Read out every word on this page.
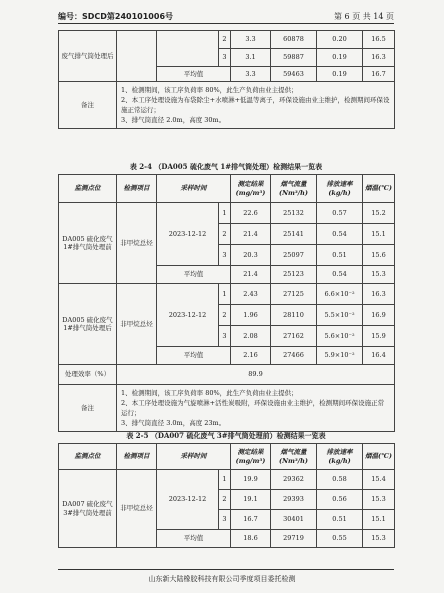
编号：SDCD第240101006号	第 6 页 共 14 页
废气排气筒处理后			2	3.3	60878	0.20	16.5
			3	3.1	59887	0.19	16.3
		平均值		3.3	59463	0.19	16.7
备注	1、检测期间，该工序负荷率 80%，此生产负荷由业主提供；
2、本工序处理设施为布袋除尘+水喷淋+低温等离子，环保设施由业主维护，检测期间环保设施正常运行；
3、排气筒直径 2.0m，高度 30m。						
表 2-4 （DA005 硫化废气 1#排气筒处理）检测结果一览表
监测点位	检测项目	采样时间		测定结果(mg/m³)	烟气流量(Nm³/h)	排放速率(kg/h)	烟温(℃)
DA005 硫化废气 1#排气筒处理前	非甲烷总烃	2023-12-12	1	22.6	25132	0.57	15.2
			2	21.4	25141	0.54	15.1
			3	20.3	25097	0.51	15.6
		平均值		21.4	25123	0.54	15.3
DA005 硫化废气 1#排气筒处理后	非甲烷总烃	2023-12-12	1	2.43	27125	6.6×10⁻²	16.3
			2	1.96	28110	5.5×10⁻²	16.9
			3	2.08	27162	5.6×10⁻²	15.9
		平均值		2.16	27466	5.9×10⁻²	16.4
处理效率（%）	89.9						
备注	1、检测期间，该工序负荷率 80%，此生产负荷由业主提供；
2、本工序处理设施为气旋喷淋+活性炭吸附，环保设施由业主维护，检测期间环保设施正常运行；
3、排气筒直径 3.0m，高度 23m。						
表 2-5 （DA007 硫化废气 3#排气筒处理前）检测结果一览表
监测点位	检测项目	采样时间		测定结果(mg/m³)	烟气流量(Nm³/h)	排放速率(kg/h)	烟温(℃)
DA007 硫化废气 3#排气筒处理前	非甲烷总烃	2023-12-12	1	19.9	29362	0.58	15.4
			2	19.1	29393	0.56	15.3
			3	16.7	30401	0.51	15.1
		平均值		18.6	29719	0.55	15.3
山东新大陆橡胶科技有限公司季度项目委托检测
